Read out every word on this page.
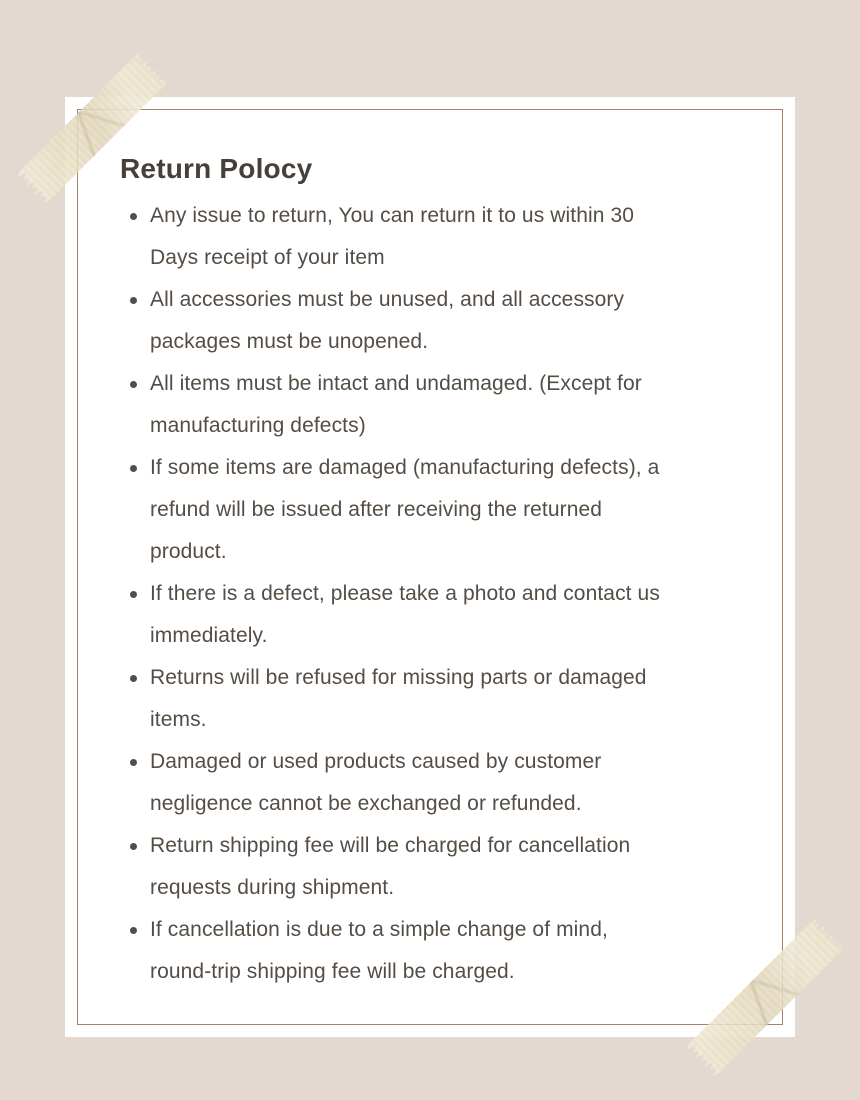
Return Polocy
Any issue to return, You can return it to us within 30
Days receipt of your item
All accessories must be unused, and all accessory
packages must be unopened.
All items must be intact and undamaged. (Except for
manufacturing defects)
If some items are damaged (manufacturing defects), a
refund will be issued after receiving the returned
product.
If there is a defect, please take a photo and contact us
immediately.
Returns will be refused for missing parts or damaged
items.
Damaged or used products caused by customer
negligence cannot be exchanged or refunded.
Return shipping fee will be charged for cancellation
requests during shipment.
If cancellation is due to a simple change of mind,
round-trip shipping fee will be charged.
